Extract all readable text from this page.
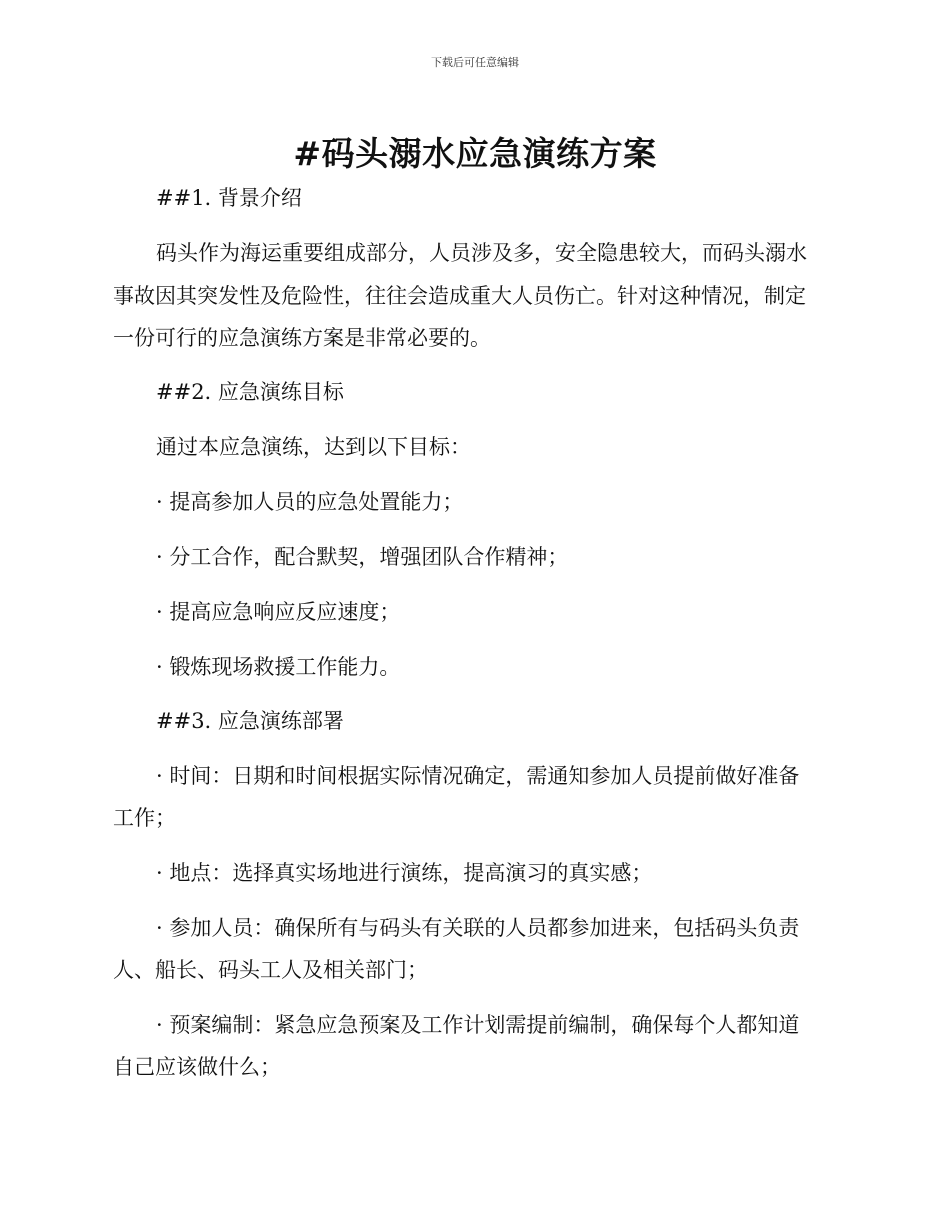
下载后可任意编辑
#码头溺水应急演练方案

##1. 背景介绍

码头作为海运重要组成部分，人员涉及多，安全隐患较大，而码头溺水

事故因其突发性及危险性，往往会造成重大人员伤亡。针对这种情况，制定

一份可行的应急演练方案是非常必要的。

##2. 应急演练目标

通过本应急演练，达到以下目标：

· 提高参加人员的应急处置能力；

· 分工合作，配合默契，增强团队合作精神；

· 提高应急响应反应速度；

· 锻炼现场救援工作能力。

##3. 应急演练部署

· 时间：日期和时间根据实际情况确定，需通知参加人员提前做好准备

工作；

· 地点：选择真实场地进行演练，提高演习的真实感；

· 参加人员：确保所有与码头有关联的人员都参加进来，包括码头负责

人、船长、码头工人及相关部门；

· 预案编制：紧急应急预案及工作计划需提前编制，确保每个人都知道

自己应该做什么；
